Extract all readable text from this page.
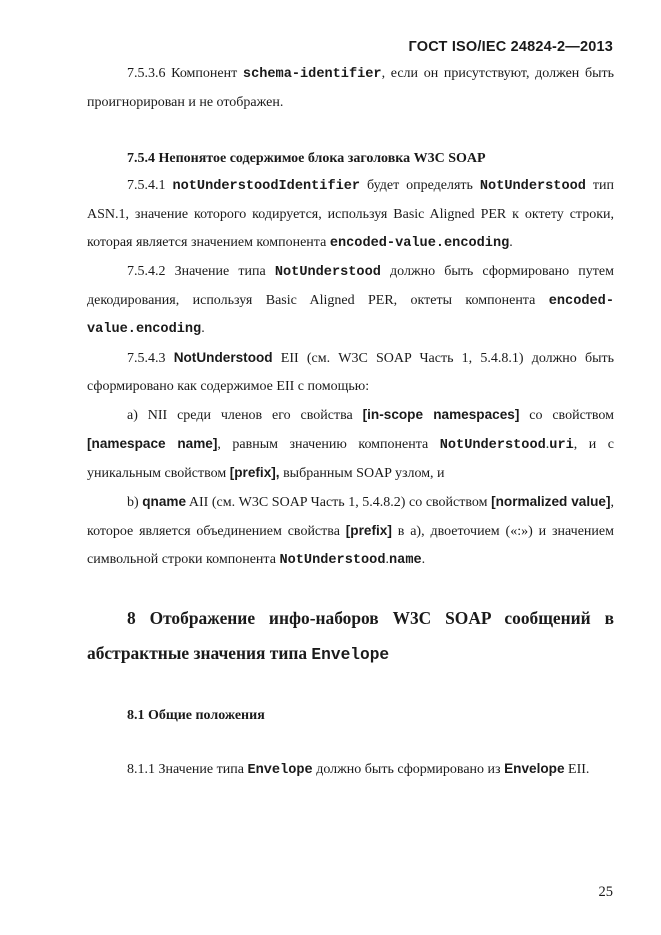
ГОСТ ISO/IEC 24824-2—2013

7.5.3.6 Компонент schema-identifier, если он присутствуют, должен быть проигнорирован и не отображен.

7.5.4 Непонятое содержимое блока заголовка W3C SOAP

7.5.4.1 notUnderstoodIdentifier будет определять NotUnderstood тип ASN.1, значение которого кодируется, используя Basic Aligned PER к октету строки, которая является значением компонента encoded-value.encoding.

7.5.4.2 Значение типа NotUnderstood должно быть сформировано путем декодирования, используя Basic Aligned PER, октеты компонента encoded-value.encoding.

7.5.4.3 NotUnderstood EII (см. W3C SOAP Часть 1, 5.4.8.1) должно быть сформировано как содержимое EII с помощью:

a) NII среди членов его свойства [in-scope namespaces] со свойством [namespace name], равным значению компонента NotUnderstood.uri, и с уникальным свойством [prefix], выбранным SOAP узлом, и

b) qname AII (см. W3C SOAP Часть 1, 5.4.8.2) со свойством [normalized value], которое является объединением свойства [prefix] в а), двоеточием («:») и значением символьной строки компонента NotUnderstood.name.

8 Отображение инфо-наборов W3C SOAP сообщений в абстрактные значения типа Envelope

8.1 Общие положения

8.1.1 Значение типа Envelope должно быть сформировано из Envelope EII.

25
